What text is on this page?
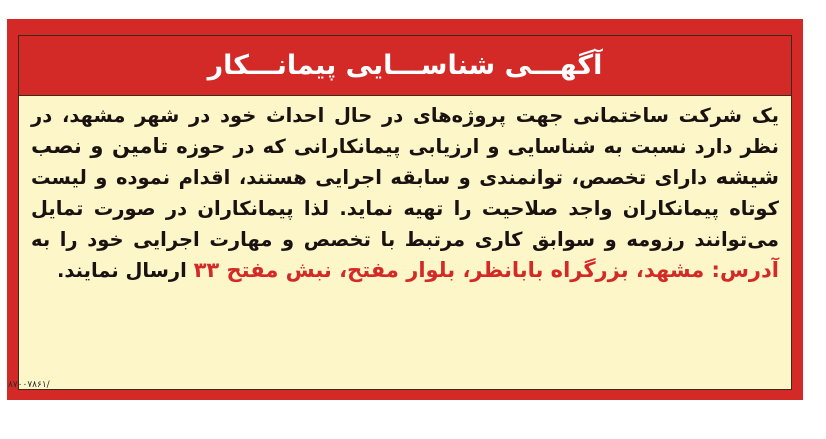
آگهـــی شناســـایی پیمانـــکار
یک شرکت ساختمانی جهت پروژه‌های در حال احداث خود در شهر مشهد، در نظر دارد نسبت به شناسایی و ارزیابی پیمانکارانی که در حوزه تامین و نصب شیشه دارای تخصص، توانمندی و سابقه اجرایی هستند، اقدام نموده و لیست کوتاه پیمانکاران واجد صلاحیت را تهیه نماید. لذا پیمانکاران در صورت تمایل می‌توانند رزومه و سوابق کاری مرتبط با تخصص و مهارت اجرایی خود را به آدرس: مشهد، بزرگراه بابانظر، بلوار مفتح، نبش مفتح ۳۳ ارسال نمایند.
/۸۷۰۰۷۸۶۱
